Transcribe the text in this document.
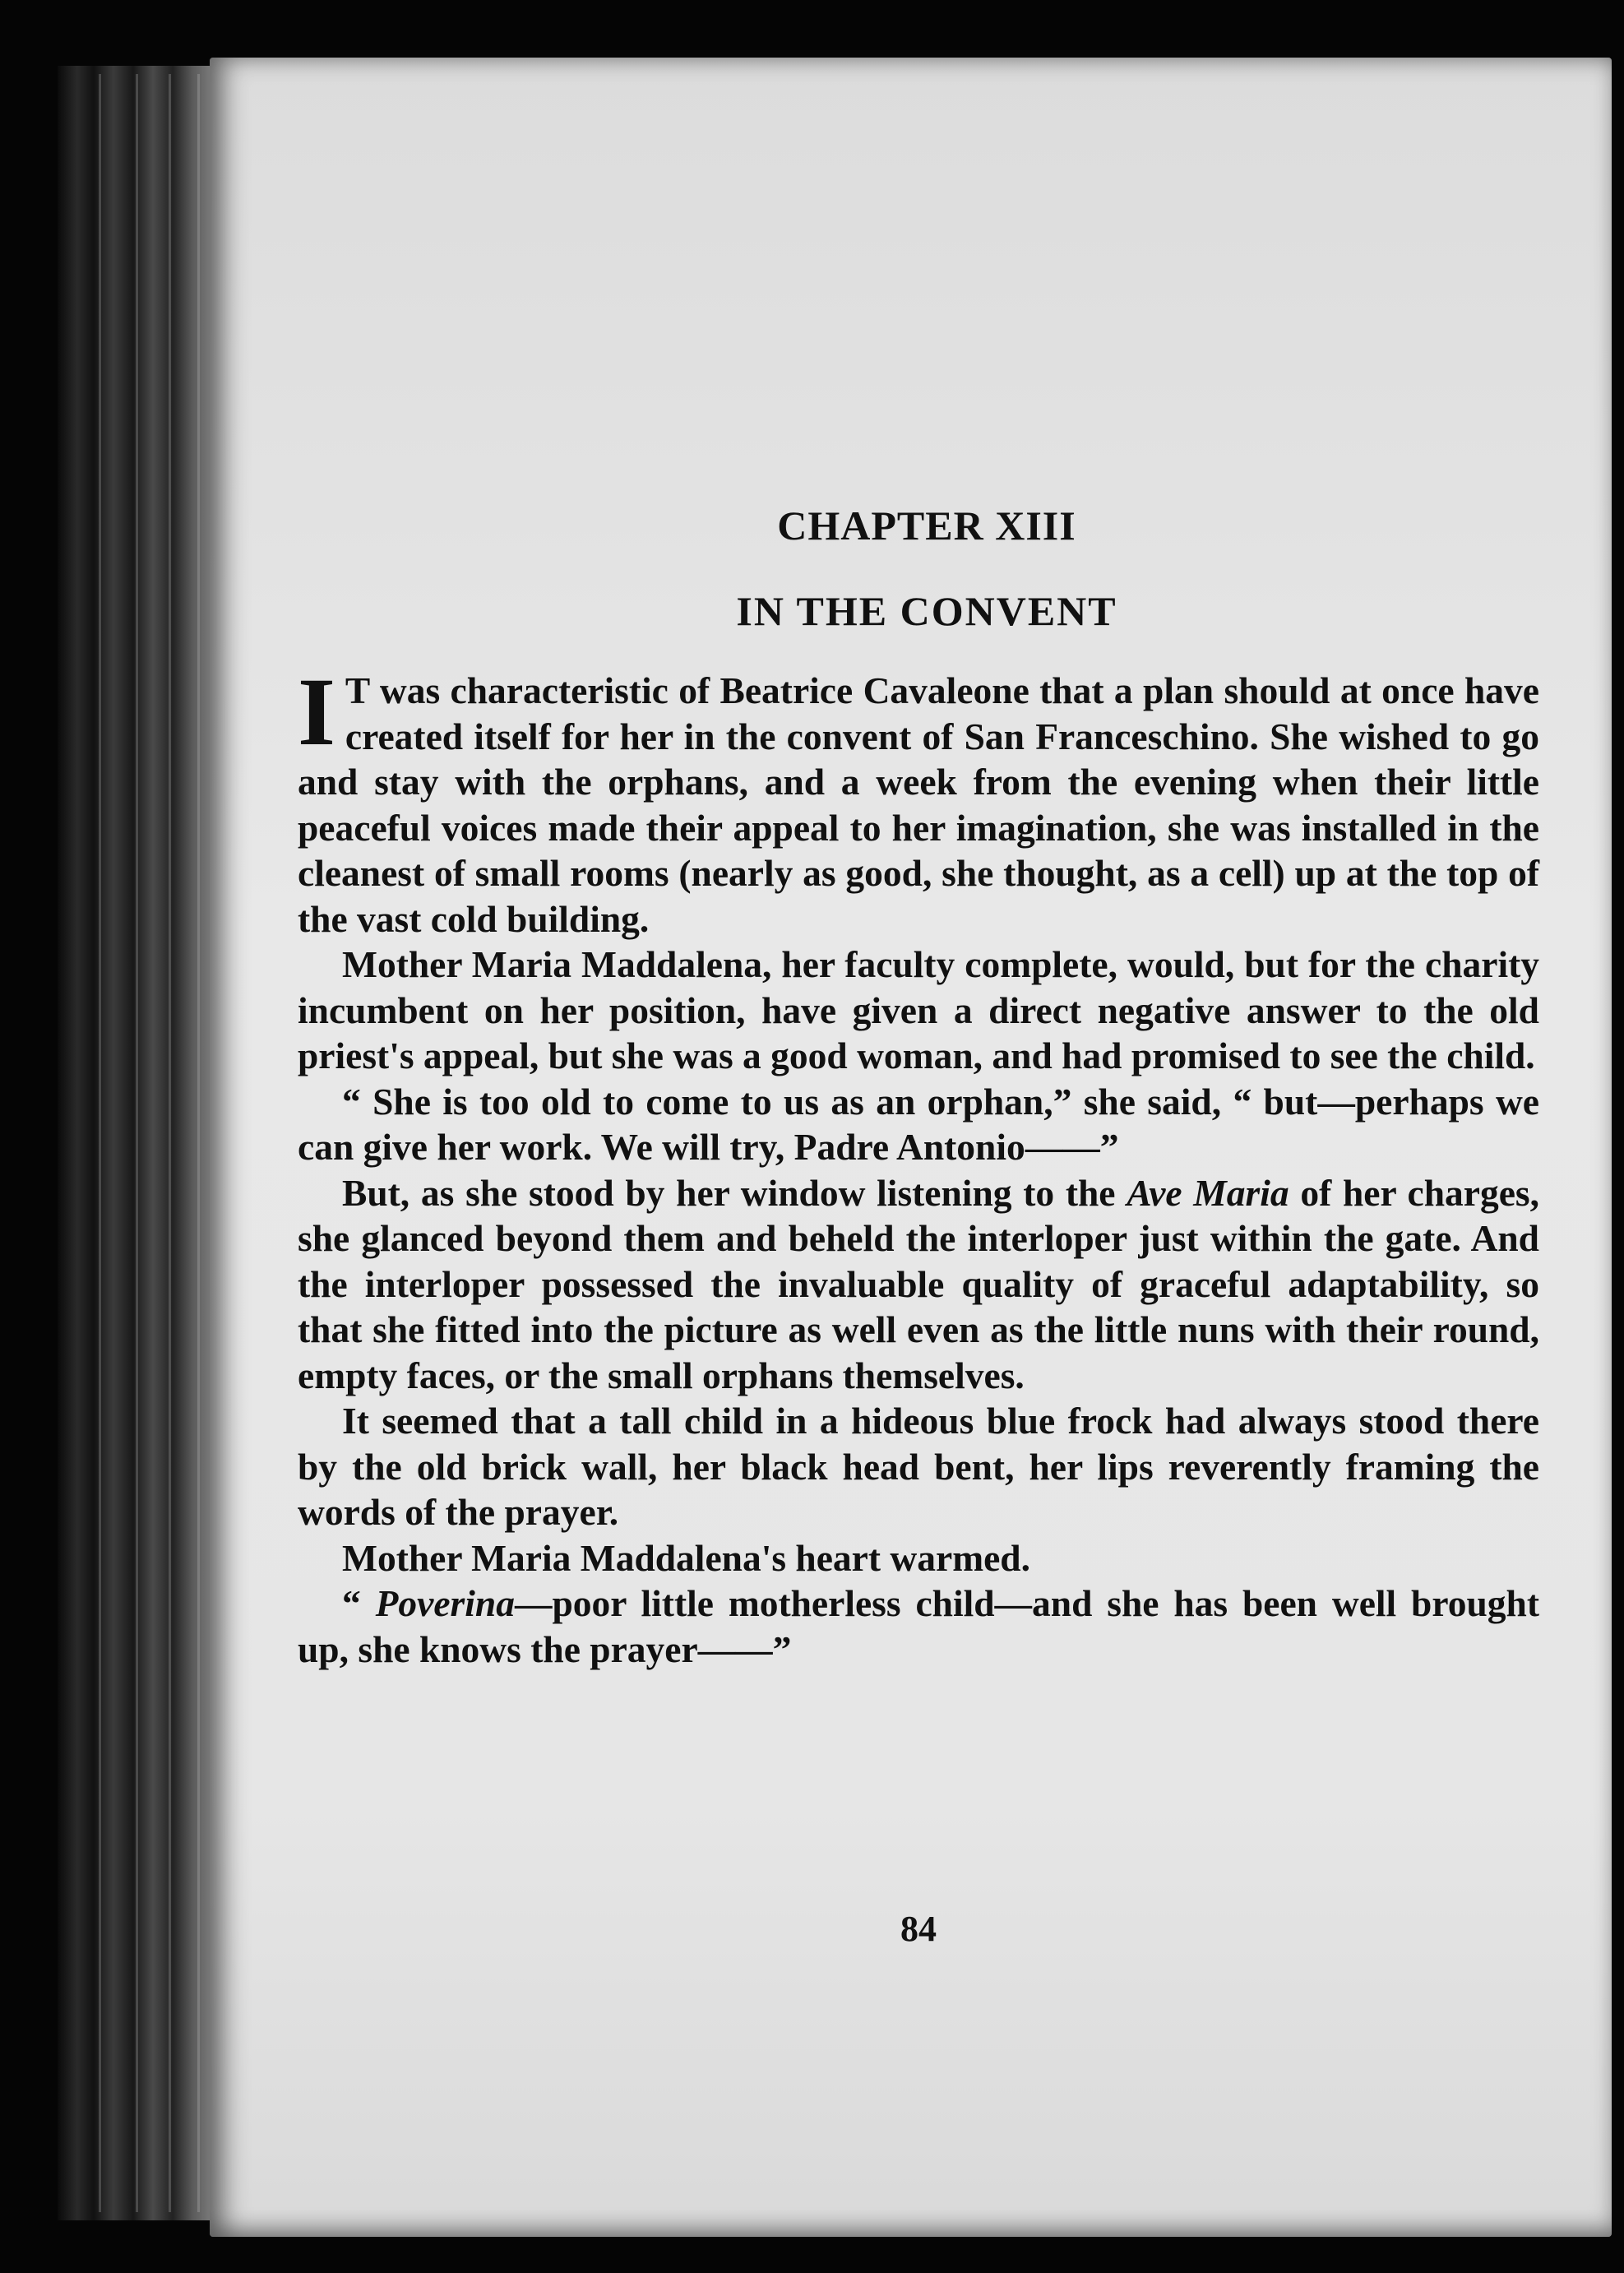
CHAPTER XIII
IN THE CONVENT

I T was characteristic of Beatrice Cavaleone that a plan should at once have created itself for her in the convent of San Franceschino. She wished to go and stay with the orphans, and a week from the evening when their little peaceful voices made their appeal to her imagination, she was installed in the cleanest of small rooms (nearly as good, she thought, as a cell) up at the top of the vast cold building.

Mother Maria Maddalena, her faculty complete, would, but for the charity incumbent on her position, have given a direct negative answer to the old priest's appeal, but she was a good woman, and had promised to see the child.

“ She is too old to come to us as an orphan,” she said, “ but—perhaps we can give her work. We will try, Padre Antonio——”

But, as she stood by her window listening to the Ave Maria of her charges, she glanced beyond them and beheld the interloper just within the gate. And the interloper possessed the invaluable quality of graceful adaptability, so that she fitted into the picture as well even as the little nuns with their round, empty faces, or the small orphans themselves.

It seemed that a tall child in a hideous blue frock had always stood there by the old brick wall, her black head bent, her lips reverently framing the words of the prayer.

Mother Maria Maddalena's heart warmed.

“ Poverina—poor little motherless child—and she has been well brought up, she knows the prayer——”

84
